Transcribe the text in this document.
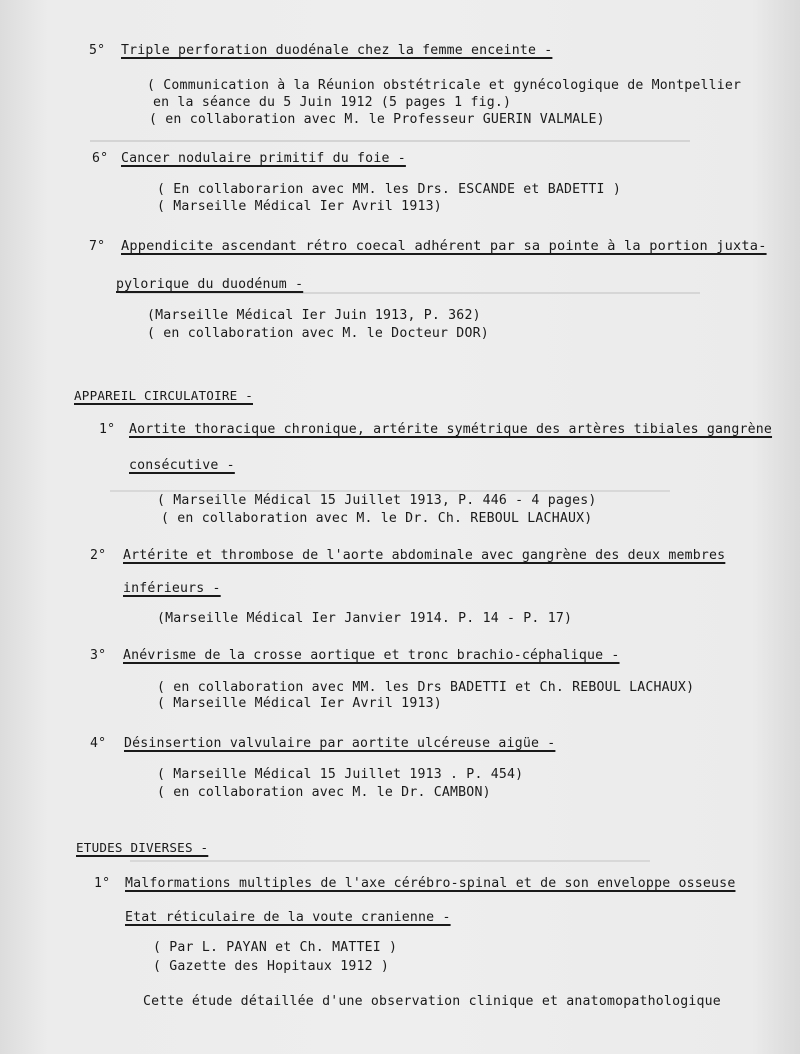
5° Triple perforation duodénale chez la femme enceinte -
( Communication à la Réunion obstétricale et gynécologique de Montpellier
en la séance du 5 Juin 1912 (5 pages 1 fig.)
( en collaboration avec M. le Professeur GUERIN VALMALE)
6° Cancer nodulaire primitif du foie -
( En collaborarion avec MM. les Drs. ESCANDE et BADETTI )
( Marseille Médical Ier Avril 1913)
7° Appendicite ascendant rétro coecal adhérent par sa pointe à la portion juxta-
pylorique du duodénum -
(Marseille Médical Ier Juin 1913, P. 362)
( en collaboration avec M. le Docteur DOR)
APPAREIL CIRCULATOIRE -
1° Aortite thoracique chronique, artérite symétrique des artères tibiales gangrène
consécutive -
( Marseille Médical 15 Juillet 1913, P. 446 - 4 pages)
( en collaboration avec M. le Dr. Ch. REBOUL LACHAUX)
2° Artérite et thrombose de l'aorte abdominale avec gangrène des deux membres
inférieurs -
(Marseille Médical Ier Janvier 1914. P. 14 - P. 17)
3° Anévrisme de la crosse aortique et tronc brachio-céphalique -
( en collaboration avec MM. les Drs BADETTI et Ch. REBOUL LACHAUX)
( Marseille Médical Ier Avril 1913)
4° Désinsertion valvulaire par aortite ulcéreuse aigüe -
( Marseille Médical 15 Juillet 1913 . P. 454)
( en collaboration avec M. le Dr. CAMBON)
ETUDES DIVERSES -
1° Malformations multiples de l'axe cérébro-spinal et de son enveloppe osseuse
Etat réticulaire de la voute cranienne -
( Par L. PAYAN et Ch. MATTEI )
( Gazette des Hopitaux 1912 )
Cette étude détaillée d'une observation clinique et anatomopathologique
